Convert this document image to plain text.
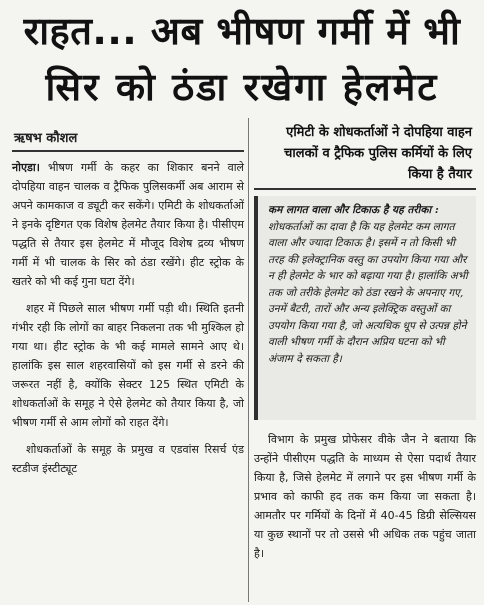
राहत... अब भीषण गर्मी में भी
सिर को ठंडा रखेगा हेलमेट
ऋषभ कौशल

नोएडा। भीषण गर्मी के कहर का शिकार बनने वाले दोपहिया वाहन चालक व ट्रैफिक पुलिसकर्मी अब आराम से अपने कामकाज व ड्यूटी कर सकेंगे। एमिटी के शोधकर्ताओं ने इनके दृष्टिगत एक विशेष हेलमेट तैयार किया है। पीसीएम पद्धति से तैयार इस हेलमेट में मौजूद विशेष द्रव्य भीषण गर्मी में भी चालक के सिर को ठंडा रखेंगे। हीट स्ट्रोक के खतरे को भी कई गुना घटा देंगे।

शहर में पिछले साल भीषण गर्मी पड़ी थी। स्थिति इतनी गंभीर रही कि लोगों का बाहर निकलना तक भी मुश्किल हो गया था। हीट स्ट्रोक के भी कई मामले सामने आए थे। हालांकि इस साल शहरवासियों को इस गर्मी से डरने की जरूरत नहीं है, क्योंकि सेक्टर 125 स्थित एमिटी के शोधकर्ताओं के समूह ने ऐसे हेलमेट को तैयार किया है, जो भीषण गर्मी से आम लोगों को राहत देंगे।

शोधकर्ताओं के समूह के प्रमुख व एडवांस रिसर्च एंड स्टडीज इंस्टीट्यूट

एमिटी के शोधकर्ताओं ने दोपहिया वाहन चालकों व ट्रैफिक पुलिस कर्मियों के लिए किया है तैयार
कम लागत वाला और टिकाऊ है यह तरीका : शोधकर्ताओं का दावा है कि यह हेलमेट कम लागत वाला और ज्यादा टिकाऊ है। इसमें न तो किसी भी तरह की इलेक्ट्रानिक वस्तु का उपयोग किया गया और न ही हेलमेट के भार को बढ़ाया गया है। हालांकि अभी तक जो तरीके हेलमेट को ठंडा रखने के अपनाए गए, उनमें बैटरी, तारों और अन्य इलेक्ट्रिक वस्तुओं का उपयोग किया गया है, जो अत्यधिक धूप से उत्पन्न होने वाली भीषण गर्मी के दौरान अप्रिय घटना को भी अंजाम दे सकता है।

विभाग के प्रमुख प्रोफेसर वीके जैन ने बताया कि उन्होंने पीसीएम पद्धति के माध्यम से ऐसा पदार्थ तैयार किया है, जिसे हेलमेट में लगाने पर इस भीषण गर्मी के प्रभाव को काफी हद तक कम किया जा सकता है। आमतौर पर गर्मियों के दिनों में 40-45 डिग्री सेल्सियस या कुछ स्थानों पर तो उससे भी अधिक तक पहुंच जाता है।
